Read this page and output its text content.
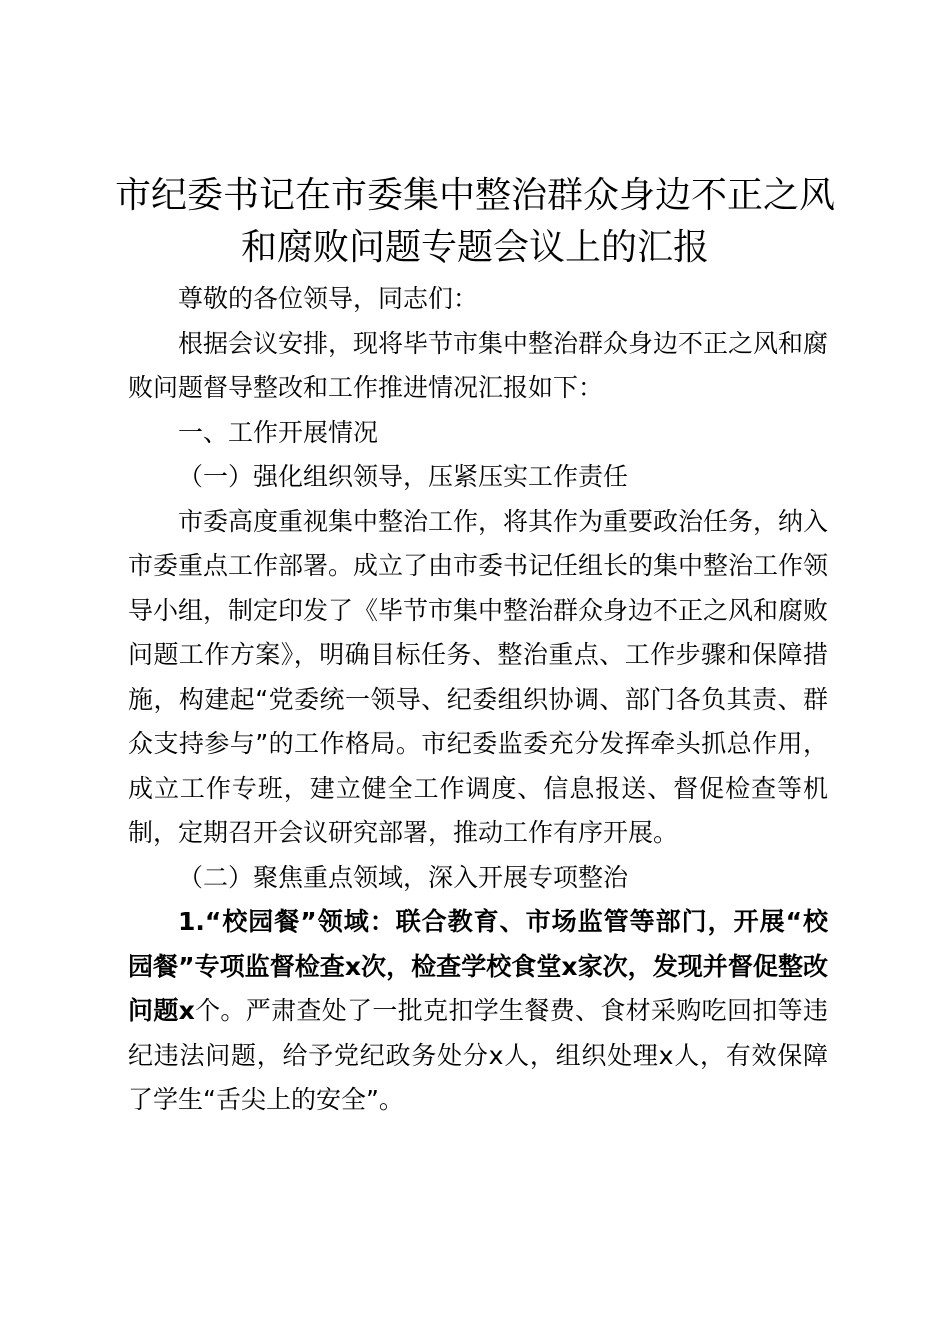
市纪委书记在市委集中整治群众身边不正之风
和腐败问题专题会议上的汇报

尊敬的各位领导，同志们：

根据会议安排，现将毕节市集中整治群众身边不正之风和腐败问题督导整改和工作推进情况汇报如下：

一、工作开展情况

（一）强化组织领导，压紧压实工作责任

市委高度重视集中整治工作，将其作为重要政治任务，纳入市委重点工作部署。成立了由市委书记任组长的集中整治工作领导小组，制定印发了《毕节市集中整治群众身边不正之风和腐败问题工作方案》，明确目标任务、整治重点、工作步骤和保障措施，构建起“党委统一领导、纪委组织协调、部门各负其责、群众支持参与”的工作格局。市纪委监委充分发挥牵头抓总作用，成立工作专班，建立健全工作调度、信息报送、督促检查等机制，定期召开会议研究部署，推动工作有序开展。

（二）聚焦重点领域，深入开展专项整治

1.“校园餐”领域：联合教育、市场监管等部门，开展“校园餐”专项监督检查x次，检查学校食堂x家次，发现并督促整改问题x个。严肃查处了一批克扣学生餐费、食材采购吃回扣等违纪违法问题，给予党纪政务处分x人，组织处理x人，有效保障了学生“舌尖上的安全”。
